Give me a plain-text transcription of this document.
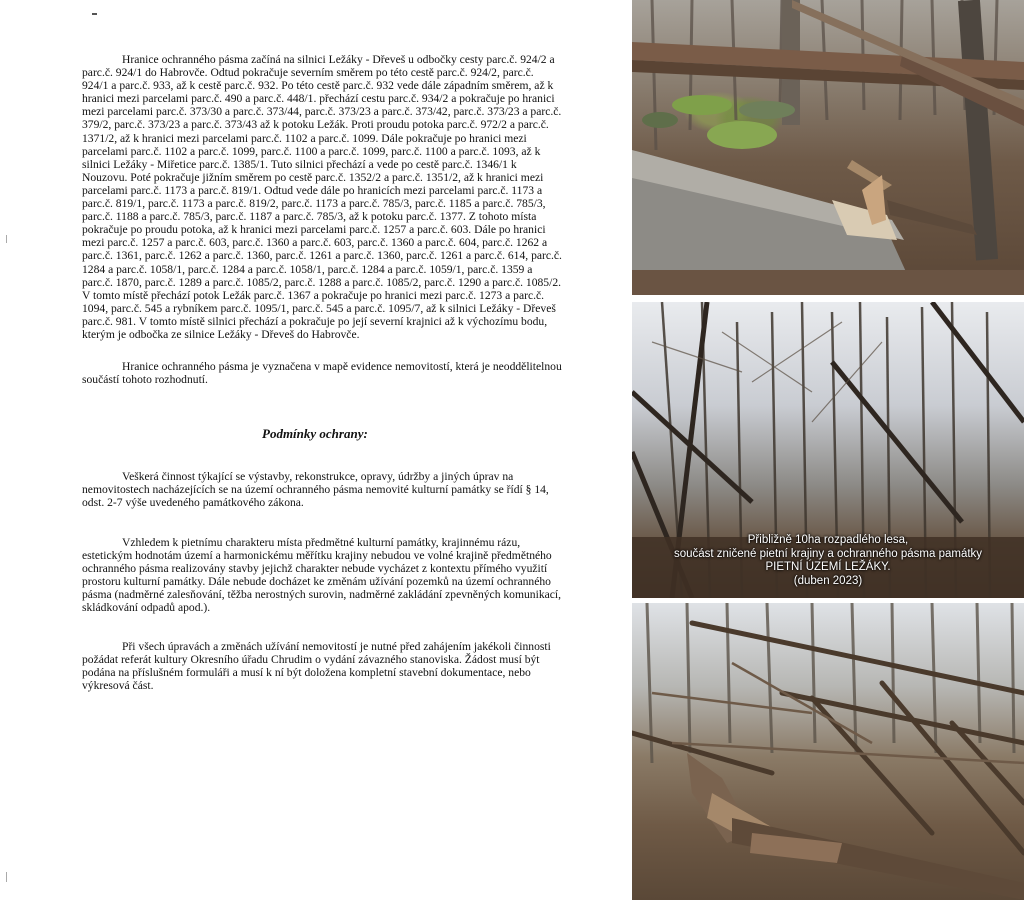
Hranice ochranného pásma začíná na silnici Ležáky - Dřeveš u odbočky cesty parc.č. 924/2 a parc.č. 924/1 do Habrovče. Odtud pokračuje severním směrem po této cestě parc.č. 924/2, parc.č. 924/1 a parc.č. 933, až k cestě parc.č. 932. Po této cestě parc.č. 932 vede dále západním směrem, až k hranici mezi parcelami parc.č. 490 a parc.č. 448/1. přechází cestu parc.č. 934/2 a pokračuje po hranici mezi parcelami parc.č. 373/30 a parc.č. 373/44, parc.č. 373/23 a parc.č. 373/42, parc.č. 373/23 a parc.č. 379/2, parc.č. 373/23 a parc.č. 373/43 až k potoku Ležák. Proti proudu potoka parc.č. 972/2 a parc.č. 1371/2, až k hranici mezi parcelami parc.č. 1102 a parc.č. 1099. Dále pokračuje po hranici mezi parcelami parc.č. 1102 a parc.č. 1099, parc.č. 1100 a parc.č. 1099, parc.č. 1100 a parc.č. 1093, až k silnici Ležáky - Miřetice parc.č. 1385/1. Tuto silnici přechází a vede po cestě parc.č. 1346/1 k Nouzovu. Poté pokračuje jižním směrem po cestě parc.č. 1352/2 a parc.č. 1351/2, až k hranici mezi parcelami parc.č. 1173 a parc.č. 819/1. Odtud vede dále po hranicích mezi parcelami parc.č. 1173 a parc.č. 819/1, parc.č. 1173 a parc.č. 819/2, parc.č. 1173 a parc.č. 785/3, parc.č. 1185 a parc.č. 785/3, parc.č. 1188 a parc.č. 785/3, parc.č. 1187 a parc.č. 785/3, až k potoku parc.č. 1377. Z tohoto místa pokračuje po proudu potoka, až k hranici mezi parcelami parc.č. 1257 a parc.č. 603. Dále po hranici mezi parc.č. 1257 a parc.č. 603, parc.č. 1360 a parc.č. 603, parc.č. 1360 a parc.č. 604, parc.č. 1262 a parc.č. 1361, parc.č. 1262 a parc.č. 1360, parc.č. 1261 a parc.č. 1360, parc.č. 1261 a parc.č. 614, parc.č. 1284 a parc.č. 1058/1, parc.č. 1284 a parc.č. 1058/1, parc.č. 1284 a parc.č. 1059/1, parc.č. 1359 a parc.č. 1870, parc.č. 1289 a parc.č. 1085/2, parc.č. 1288 a parc.č. 1085/2, parc.č. 1290 a parc.č. 1085/2. V tomto místě přechází potok Ležák parc.č. 1367 a pokračuje po hranici mezi parc.č. 1273 a parc.č. 1094, parc.č. 545 a rybníkem parc.č. 1095/1, parc.č. 545 a parc.č. 1095/7, až k silnici Ležáky - Dřeveš parc.č. 981. V tomto místě silnici přechází a pokračuje po její severní krajnici až k výchozímu bodu, kterým je odbočka ze silnice Ležáky - Dřeveš do Habrovče.

Hranice ochranného pásma je vyznačena v mapě evidence nemovitostí, která je neoddělitelnou součástí tohoto rozhodnutí.

Podmínky ochrany:

Veškerá činnost týkající se výstavby, rekonstrukce, opravy, údržby a jiných úprav na nemovitostech nacházejících se na území ochranného pásma nemovité kulturní památky se řídí § 14, odst. 2-7 výše uvedeného památkového zákona.

Vzhledem k pietnímu charakteru místa předmětné kulturní památky, krajinnému rázu, estetickým hodnotám území a harmonickému měřítku krajiny nebudou ve volné krajině předmětného ochranného pásma realizovány stavby jejichž charakter nebude vycházet z kontextu přímého využití prostoru kulturní památky. Dále nebude docházet ke změnám užívání pozemků na území ochranného pásma (nadměrné zalesňování, těžba nerostných surovin, nadměrné zakládání zpevněných komunikací, skládkování odpadů apod.).

Při všech úpravách a změnách užívání nemovitostí je nutné před zahájením jakékoli činnosti požádat referát kultury Okresního úřadu Chrudim o vydání závazného stanoviska. Žádost musí být podána na příslušném formuláři a musí k ní být doložena kompletní stavební dokumentace, nebo výkresová část.

Přibližně 10ha rozpadlého lesa,
součást zničené pietní krajiny a ochranného pásma památky
PIETNÍ ÚZEMÍ LEŽÁKY.
(duben 2023)
